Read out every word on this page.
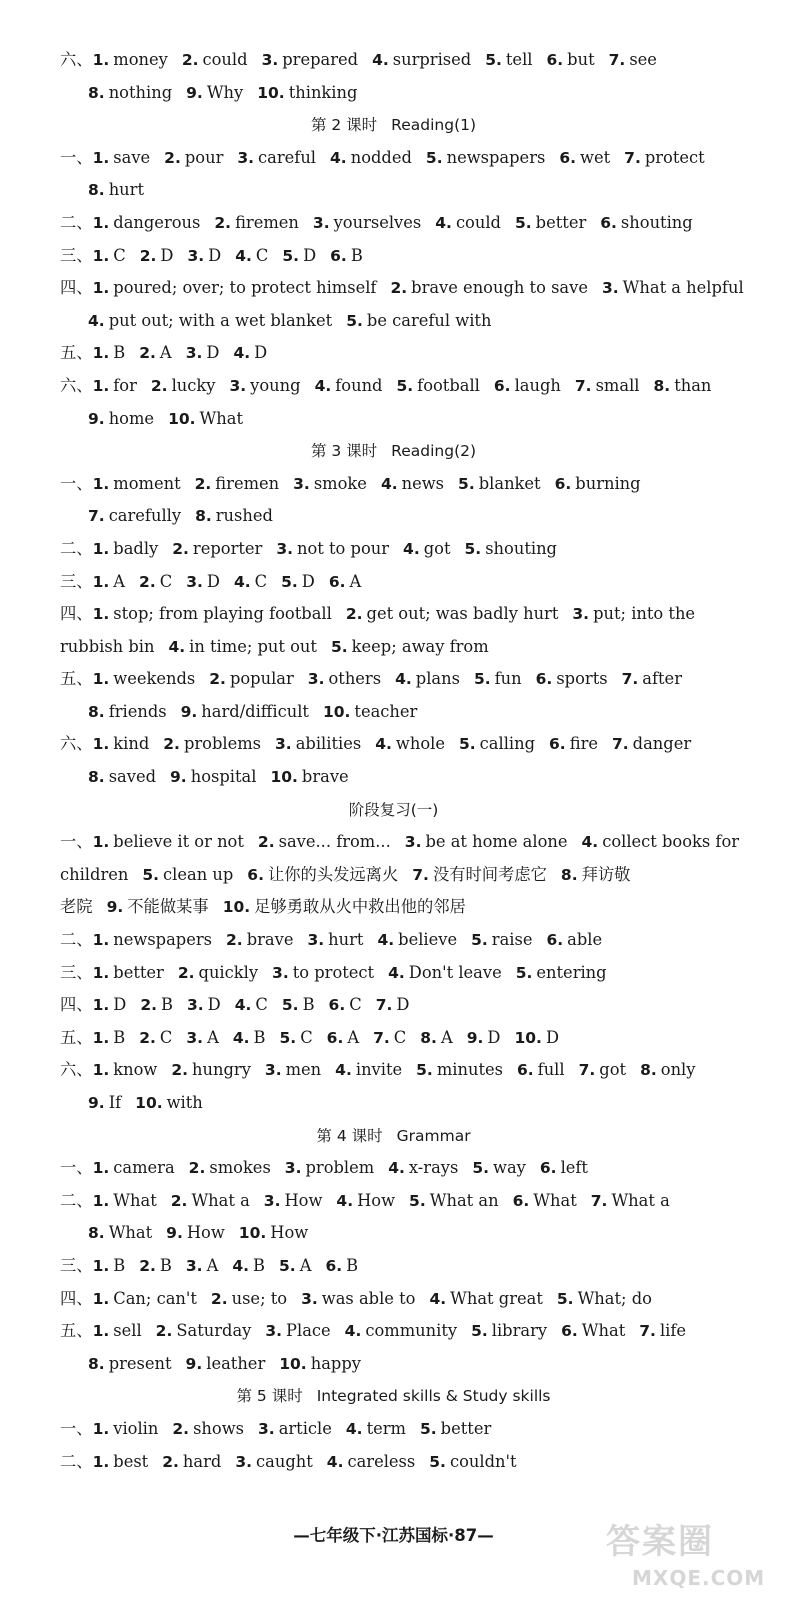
六、1. money 2. could 3. prepared 4. surprised 5. tell 6. but 7. see
8. nothing 9. Why 10. thinking
第 2 课时 Reading(1)
一、1. save 2. pour 3. careful 4. nodded 5. newspapers 6. wet 7. protect
8. hurt
二、1. dangerous 2. firemen 3. yourselves 4. could 5. better 6. shouting
三、1. C 2. D 3. D 4. C 5. D 6. B
四、1. poured; over; to protect himself 2. brave enough to save 3. What a helpful
4. put out; with a wet blanket 5. be careful with
五、1. B 2. A 3. D 4. D
六、1. for 2. lucky 3. young 4. found 5. football 6. laugh 7. small 8. than
9. home 10. What
第 3 课时 Reading(2)
一、1. moment 2. firemen 3. smoke 4. news 5. blanket 6. burning
7. carefully 8. rushed
二、1. badly 2. reporter 3. not to pour 4. got 5. shouting
三、1. A 2. C 3. D 4. C 5. D 6. A
四、1. stop; from playing football 2. get out; was badly hurt 3. put; into the
rubbish bin 4. in time; put out 5. keep; away from
五、1. weekends 2. popular 3. others 4. plans 5. fun 6. sports 7. after
8. friends 9. hard/difficult 10. teacher
六、1. kind 2. problems 3. abilities 4. whole 5. calling 6. fire 7. danger
8. saved 9. hospital 10. brave
阶段复习(一)
一、1. believe it or not 2. save... from... 3. be at home alone 4. collect books for
children 5. clean up 6. 让你的头发远离火 7. 没有时间考虑它 8. 拜访敬
老院 9. 不能做某事 10. 足够勇敢从火中救出他的邻居
二、1. newspapers 2. brave 3. hurt 4. believe 5. raise 6. able
三、1. better 2. quickly 3. to protect 4. Don't leave 5. entering
四、1. D 2. B 3. D 4. C 5. B 6. C 7. D
五、1. B 2. C 3. A 4. B 5. C 6. A 7. C 8. A 9. D 10. D
六、1. know 2. hungry 3. men 4. invite 5. minutes 6. full 7. got 8. only
9. If 10. with
第 4 课时 Grammar
一、1. camera 2. smokes 3. problem 4. x-rays 5. way 6. left
二、1. What 2. What a 3. How 4. How 5. What an 6. What 7. What a
8. What 9. How 10. How
三、1. B 2. B 3. A 4. B 5. A 6. B
四、1. Can; can't 2. use; to 3. was able to 4. What great 5. What; do
五、1. sell 2. Saturday 3. Place 4. community 5. library 6. What 7. life
8. present 9. leather 10. happy
第 5 课时 Integrated skills & Study skills
一、1. violin 2. shows 3. article 4. term 5. better
二、1. best 2. hard 3. caught 4. careless 5. couldn't
—七年级下·江苏国标·87—	答案圈
MXQE.COM
